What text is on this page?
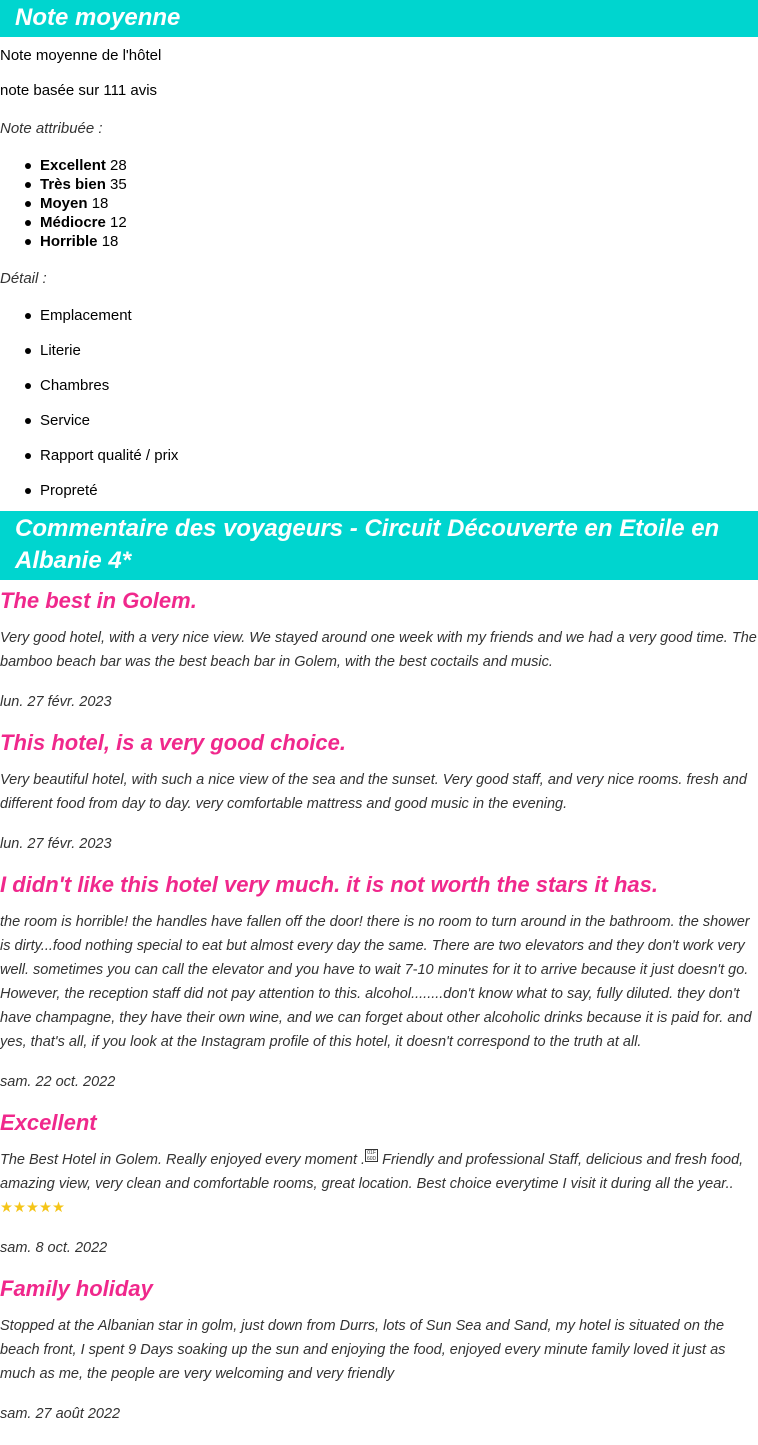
Note moyenne

Note moyenne de l'hôtel

note basée sur 111 avis

Note attribuée :

Excellent 28
Très bien 35
Moyen 18
Médiocre 12
Horrible 18

Détail :

Emplacement
Literie
Chambres
Service
Rapport qualité / prix
Propreté
Commentaire des voyageurs - Circuit Découverte en Etoile en Albanie 4*
The best in Golem.

Very good hotel, with a very nice view. We stayed around one week with my friends and we had a very good time. The bamboo beach bar was the best beach bar in Golem, with the best coctails and music.

lun. 27 févr. 2023

This hotel, is a very good choice.

Very beautiful hotel, with such a nice view of the sea and the sunset. Very good staff, and very nice rooms. fresh and different food from day to day. very comfortable mattress and good music in the evening.

lun. 27 févr. 2023

I didn't like this hotel very much. it is not worth the stars it has.

the room is horrible! the handles have fallen off the door! there is no room to turn around in the bathroom. the shower is dirty...food nothing special to eat but almost every day the same. There are two elevators and they don't work very well. sometimes you can call the elevator and you have to wait 7-10 minutes for it to arrive because it just doesn't go. However, the reception staff did not pay attention to this. alcohol........don't know what to say, fully diluted. they don't have champagne, they have their own wine, and we can forget about other alcoholic drinks because it is paid for. and yes, that's all, if you look at the Instagram profile of this hotel, it doesn't correspond to the truth at all.

sam. 22 oct. 2022

Excellent

The Best Hotel in Golem. Really enjoyed every moment . 01F 60D Friendly and professional Staff, delicious and fresh food, amazing view, very clean and comfortable rooms, great location. Best choice everytime I visit it during all the year..
★★★★★

sam. 8 oct. 2022

Family holiday

Stopped at the Albanian star in golm, just down from Durrs, lots of Sun Sea and Sand, my hotel is situated on the beach front, I spent 9 Days soaking up the sun and enjoying the food, enjoyed every minute family loved it just as much as me, the people are very welcoming and very friendly

sam. 27 août 2022
